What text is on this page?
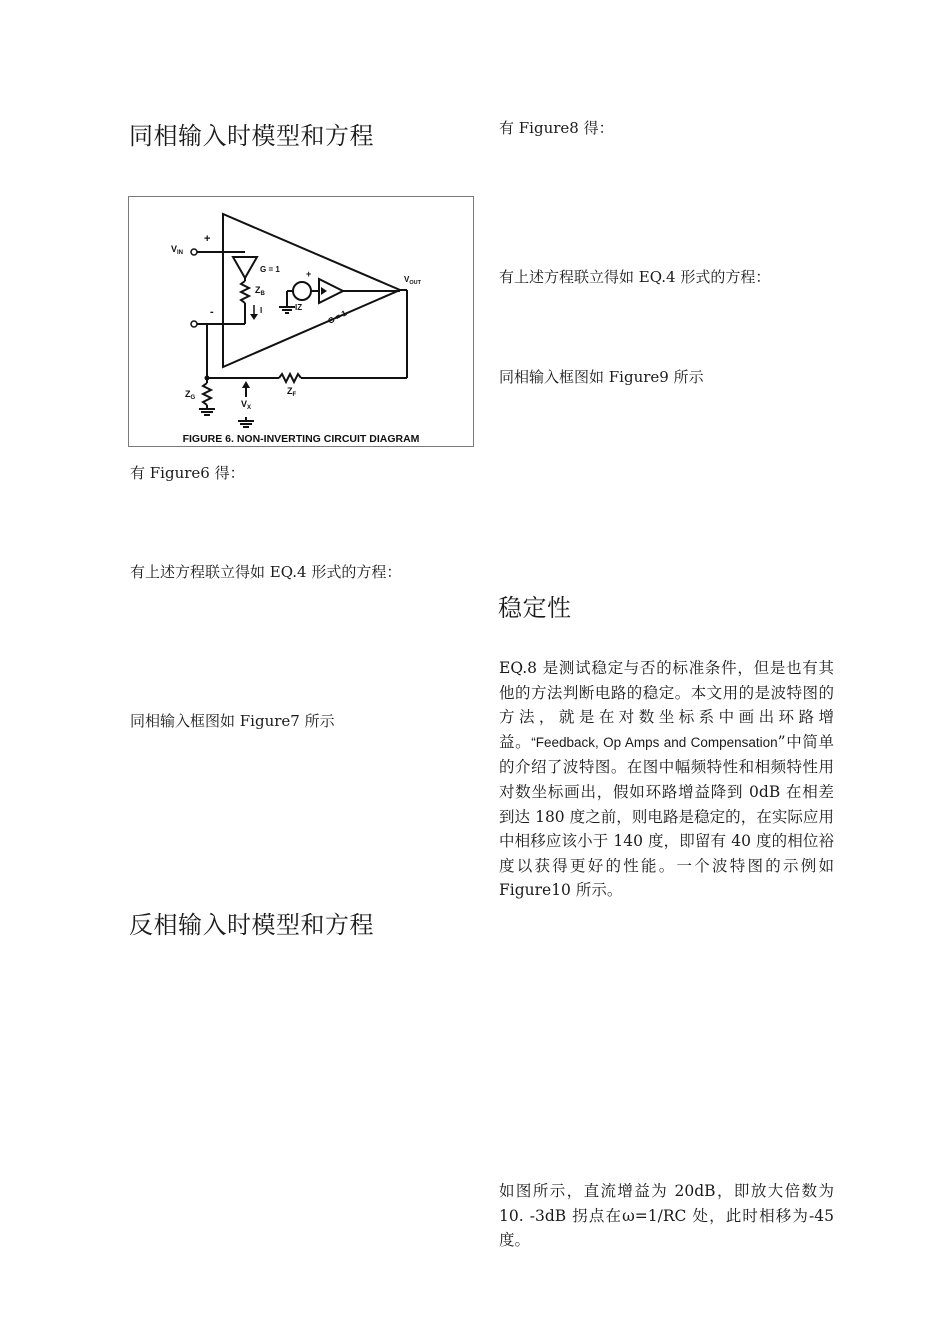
同相输入时模型和方程
$V_{IN}$
+
-
G = 1
$Z_B$
I	IZ
+
G = 1
$V_{OUT}$
$Z_G$
$V_X$
$Z_F$
FIGURE 6. NON-INVERTING CIRCUIT DIAGRAM
有 Figure6 得：
有上述方程联立得如 EQ.4 形式的方程：
同相输入框图如 Figure7 所示
反相输入时模型和方程
有 Figure8 得：
有上述方程联立得如 EQ.4 形式的方程：
同相输入框图如 Figure9 所示
稳定性
EQ.8 是测试稳定与否的标准条件，但是也有其他的方法判断电路的稳定。本文用的是波特图的方法，就是在对数坐标系中画出环路增益。“Feedback, Op Amps and Compensation”中简单的介绍了波特图。在图中幅频特性和相频特性用对数坐标画出，假如环路增益降到 0dB 在相差到达 180 度之前，则电路是稳定的，在实际应用中相移应该小于 140 度，即留有 40 度的相位裕度以获得更好的性能。一个波特图的示例如 Figure10 所示。
如图所示，直流增益为 20dB，即放大倍数为 10. -3dB 拐点在ω=1/RC 处，此时相移为-45 度。
